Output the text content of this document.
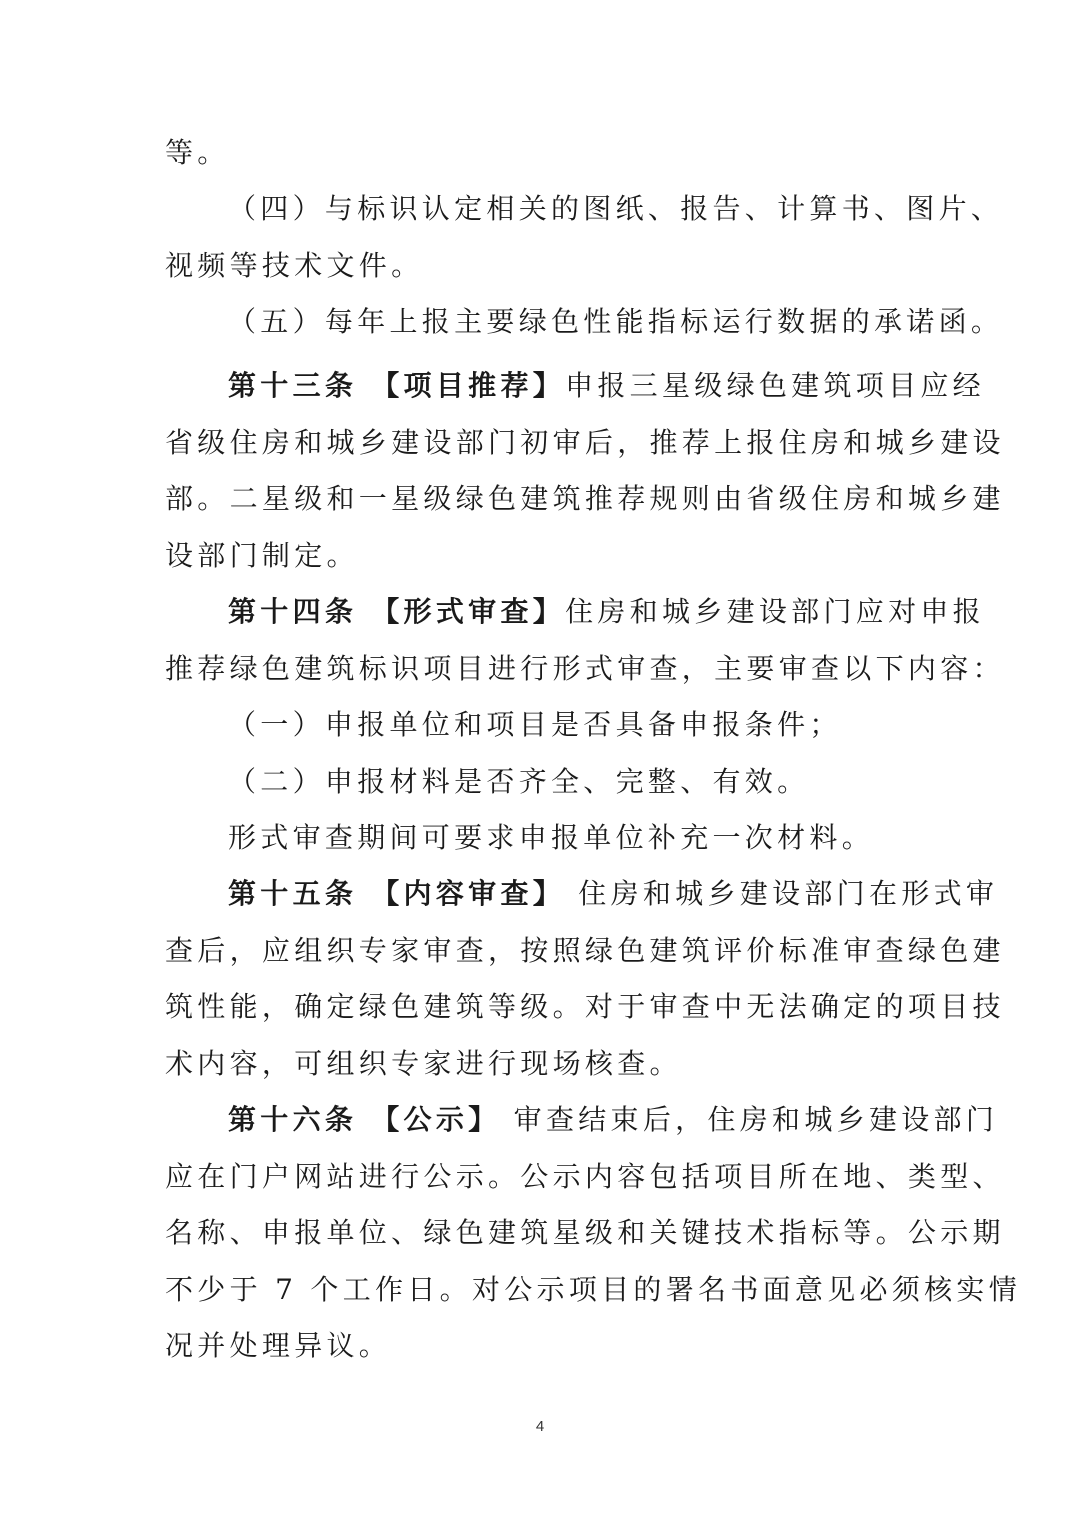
等。
（四）与标识认定相关的图纸、报告、计算书、图片、
视频等技术文件。
（五）每年上报主要绿色性能指标运行数据的承诺函。
第十三条 【项目推荐】申报三星级绿色建筑项目应经
省级住房和城乡建设部门初审后，推荐上报住房和城乡建设
部。二星级和一星级绿色建筑推荐规则由省级住房和城乡建
设部门制定。
第十四条 【形式审查】住房和城乡建设部门应对申报
推荐绿色建筑标识项目进行形式审查，主要审查以下内容：
（一）申报单位和项目是否具备申报条件；
（二）申报材料是否齐全、完整、有效。
形式审查期间可要求申报单位补充一次材料。
第十五条 【内容审查】 住房和城乡建设部门在形式审
查后，应组织专家审查，按照绿色建筑评价标准审查绿色建
筑性能，确定绿色建筑等级。对于审查中无法确定的项目技
术内容，可组织专家进行现场核查。
第十六条 【公示】 审查结束后，住房和城乡建设部门
应在门户网站进行公示。公示内容包括项目所在地、类型、
名称、申报单位、绿色建筑星级和关键技术指标等。公示期
不少于 7 个工作日。对公示项目的署名书面意见必须核实情
况并处理异议。
4
